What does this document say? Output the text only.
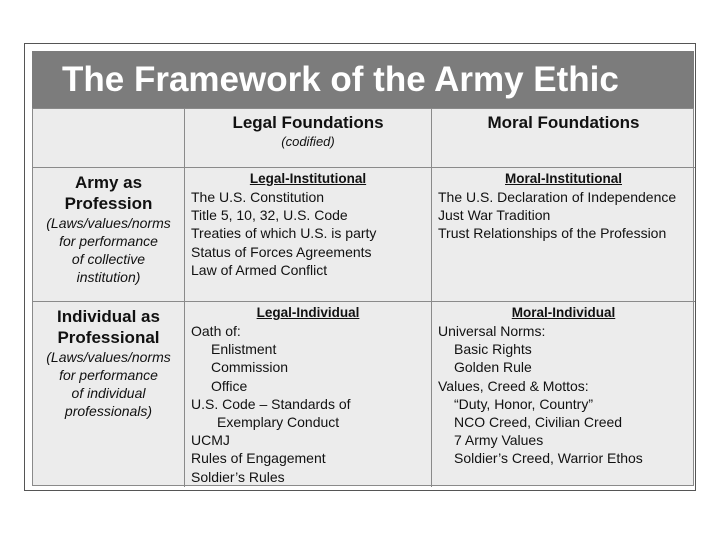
The Framework of the Army Ethic
Legal Foundations
(codified)
Moral Foundations
Army as
Profession
(Laws/values/norms
for performance
of collective
institution)
Legal-Institutional
The U.S. Constitution
Title 5, 10, 32, U.S. Code
Treaties of which U.S. is party
Status of Forces Agreements
Law of Armed Conflict
Moral-Institutional
The U.S. Declaration of Independence
Just War Tradition
Trust Relationships of the Profession
Individual as
Professional
(Laws/values/norms
for performance
of individual
professionals)
Legal-Individual
Oath of:
Enlistment
Commission
Office
U.S. Code – Standards of
Exemplary Conduct
UCMJ
Rules of Engagement
Soldier’s Rules
Moral-Individual
Universal Norms:
Basic Rights
Golden Rule
Values, Creed & Mottos:
“Duty, Honor, Country”
NCO Creed, Civilian Creed
7 Army Values
Soldier’s Creed, Warrior Ethos
